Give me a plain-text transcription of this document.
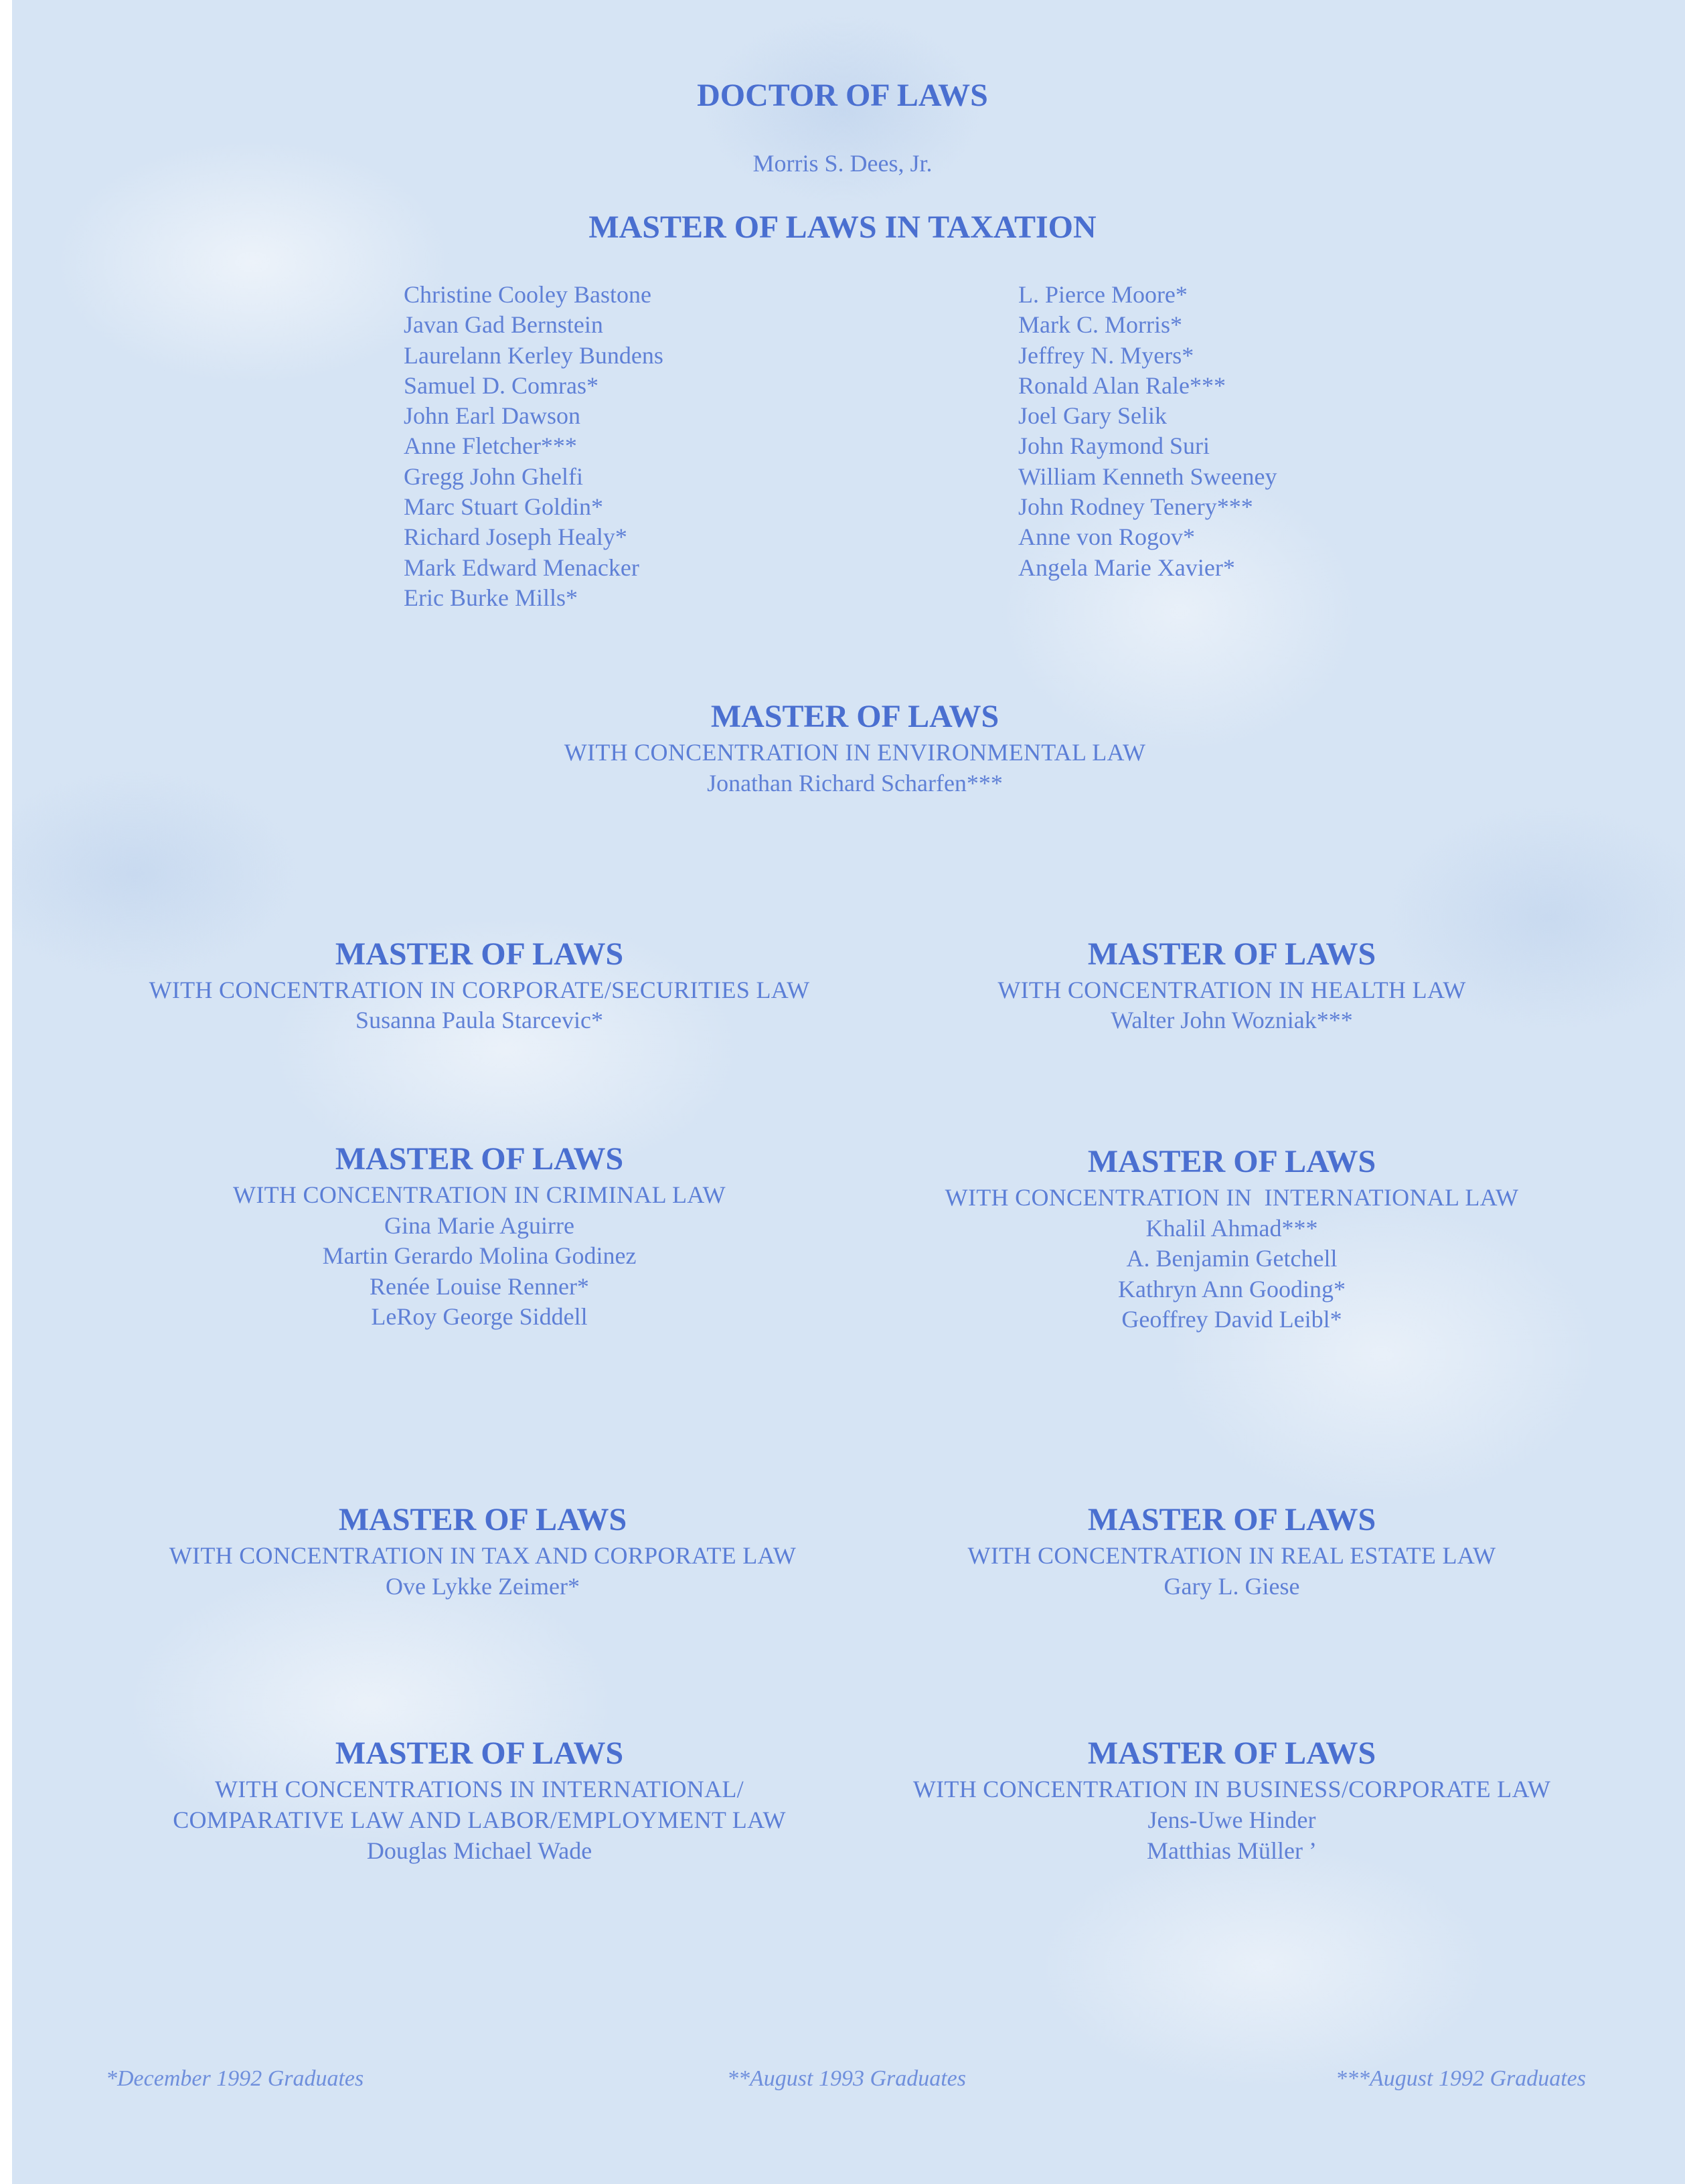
DOCTOR OF LAWS
Morris S. Dees, Jr.
MASTER OF LAWS IN TAXATION
Christine Cooley Bastone
Javan Gad Bernstein
Laurelann Kerley Bundens
Samuel D. Comras*
John Earl Dawson
Anne Fletcher***
Gregg John Ghelfi
Marc Stuart Goldin*
Richard Joseph Healy*
Mark Edward Menacker
Eric Burke Mills*
L. Pierce Moore*
Mark C. Morris*
Jeffrey N. Myers*
Ronald Alan Rale***
Joel Gary Selik
John Raymond Suri
William Kenneth Sweeney
John Rodney Tenery***
Anne von Rogov*
Angela Marie Xavier*
MASTER OF LAWS
WITH CONCENTRATION IN ENVIRONMENTAL LAW
Jonathan Richard Scharfen***
MASTER OF LAWS
WITH CONCENTRATION IN CORPORATE/SECURITIES LAW
Susanna Paula Starcevic*
MASTER OF LAWS
WITH CONCENTRATION IN HEALTH LAW
Walter John Wozniak***
MASTER OF LAWS
WITH CONCENTRATION IN CRIMINAL LAW
Gina Marie Aguirre
Martin Gerardo Molina Godinez
Renée Louise Renner*
LeRoy George Siddell
MASTER OF LAWS
WITH CONCENTRATION IN  INTERNATIONAL LAW
Khalil Ahmad***
A. Benjamin Getchell
Kathryn Ann Gooding*
Geoffrey David Leibl*
MASTER OF LAWS
WITH CONCENTRATION IN TAX AND CORPORATE LAW
Ove Lykke Zeimer*
MASTER OF LAWS
WITH CONCENTRATION IN REAL ESTATE LAW
Gary L. Giese
MASTER OF LAWS
WITH CONCENTRATIONS IN INTERNATIONAL/
COMPARATIVE LAW AND LABOR/EMPLOYMENT LAW
Douglas Michael Wade
MASTER OF LAWS
WITH CONCENTRATION IN BUSINESS/CORPORATE LAW
Jens-Uwe Hinder
Matthias Müller ’
*December 1992 Graduates	**August 1993 Graduates	***August 1992 Graduates
